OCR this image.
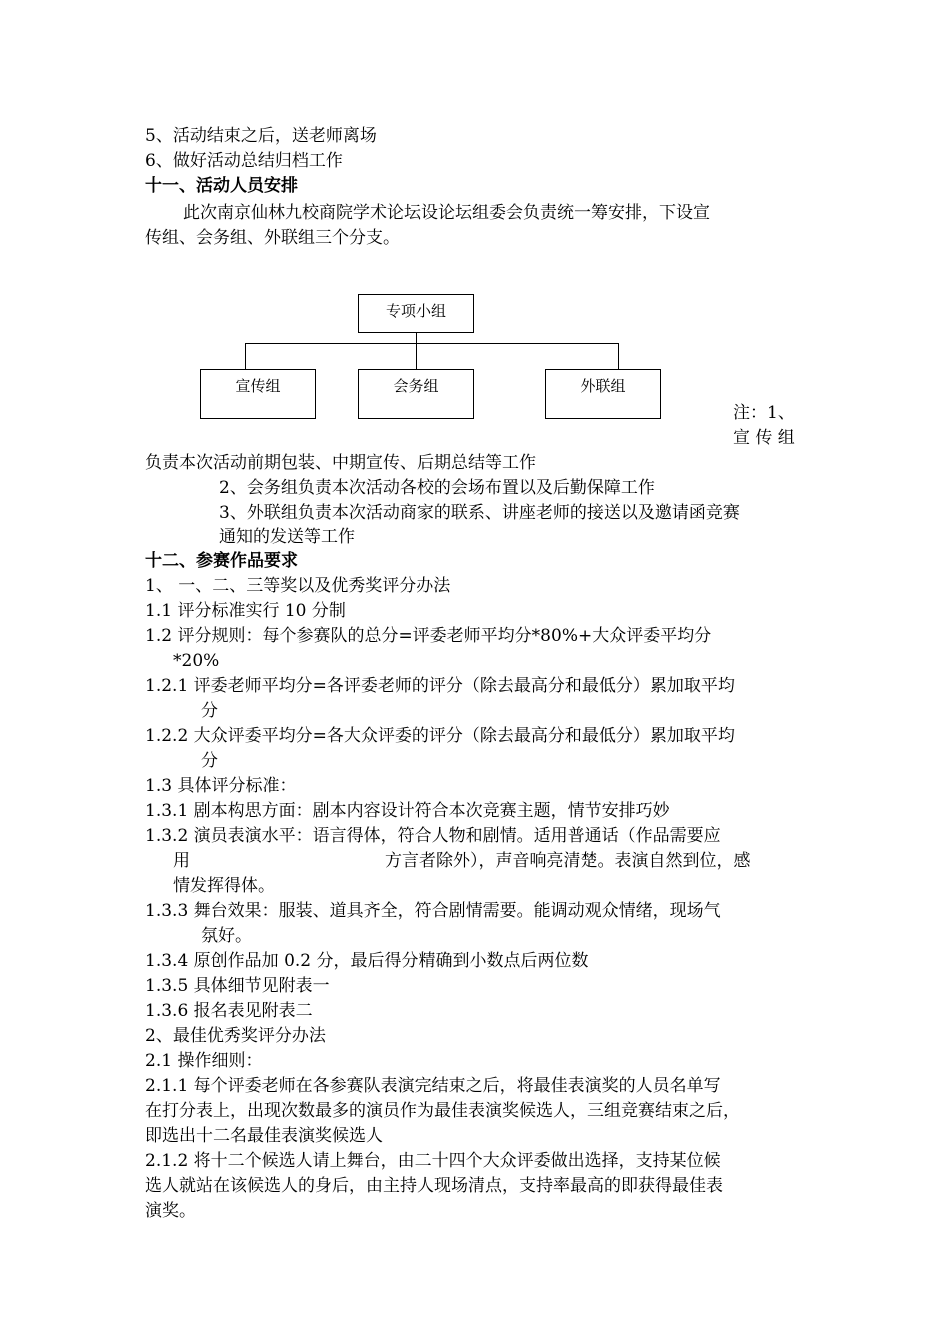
5、活动结束之后，送老师离场
6、做好活动总结归档工作
十一、活动人员安排
此次南京仙林九校商院学术论坛设论坛组委会负责统一筹安排，下设宣
传组、会务组、外联组三个分支。
专项小组
宣传组	会务组	外联组
注：1、
宣 传 组
负责本次活动前期包装、中期宣传、后期总结等工作
2、会务组负责本次活动各校的会场布置以及后勤保障工作
3、外联组负责本次活动商家的联系、讲座老师的接送以及邀请函竞赛
通知的发送等工作
十二、参赛作品要求
1、 一、二、三等奖以及优秀奖评分办法
1.1 评分标准实行 10 分制
1.2 评分规则：每个参赛队的总分=评委老师平均分*80%+大众评委平均分
*20%
1.2.1 评委老师平均分=各评委老师的评分（除去最高分和最低分）累加取平均
分
1.2.2 大众评委平均分=各大众评委的评分（除去最高分和最低分）累加取平均
分
1.3 具体评分标准：
1.3.1 剧本构思方面：剧本内容设计符合本次竞赛主题，情节安排巧妙
1.3.2 演员表演水平：语言得体，符合人物和剧情。适用普通话（作品需要应
用	方言者除外），声音响亮清楚。表演自然到位，感
情发挥得体。
1.3.3 舞台效果：服装、道具齐全，符合剧情需要。能调动观众情绪，现场气
氛好。
1.3.4 原创作品加 0.2 分，最后得分精确到小数点后两位数
1.3.5 具体细节见附表一
1.3.6 报名表见附表二
2、最佳优秀奖评分办法
2.1 操作细则：
2.1.1 每个评委老师在各参赛队表演完结束之后，将最佳表演奖的人员名单写
在打分表上，出现次数最多的演员作为最佳表演奖候选人，三组竞赛结束之后，
即选出十二名最佳表演奖候选人
2.1.2 将十二个候选人请上舞台，由二十四个大众评委做出选择，支持某位候
选人就站在该候选人的身后，由主持人现场清点，支持率最高的即获得最佳表
演奖。
